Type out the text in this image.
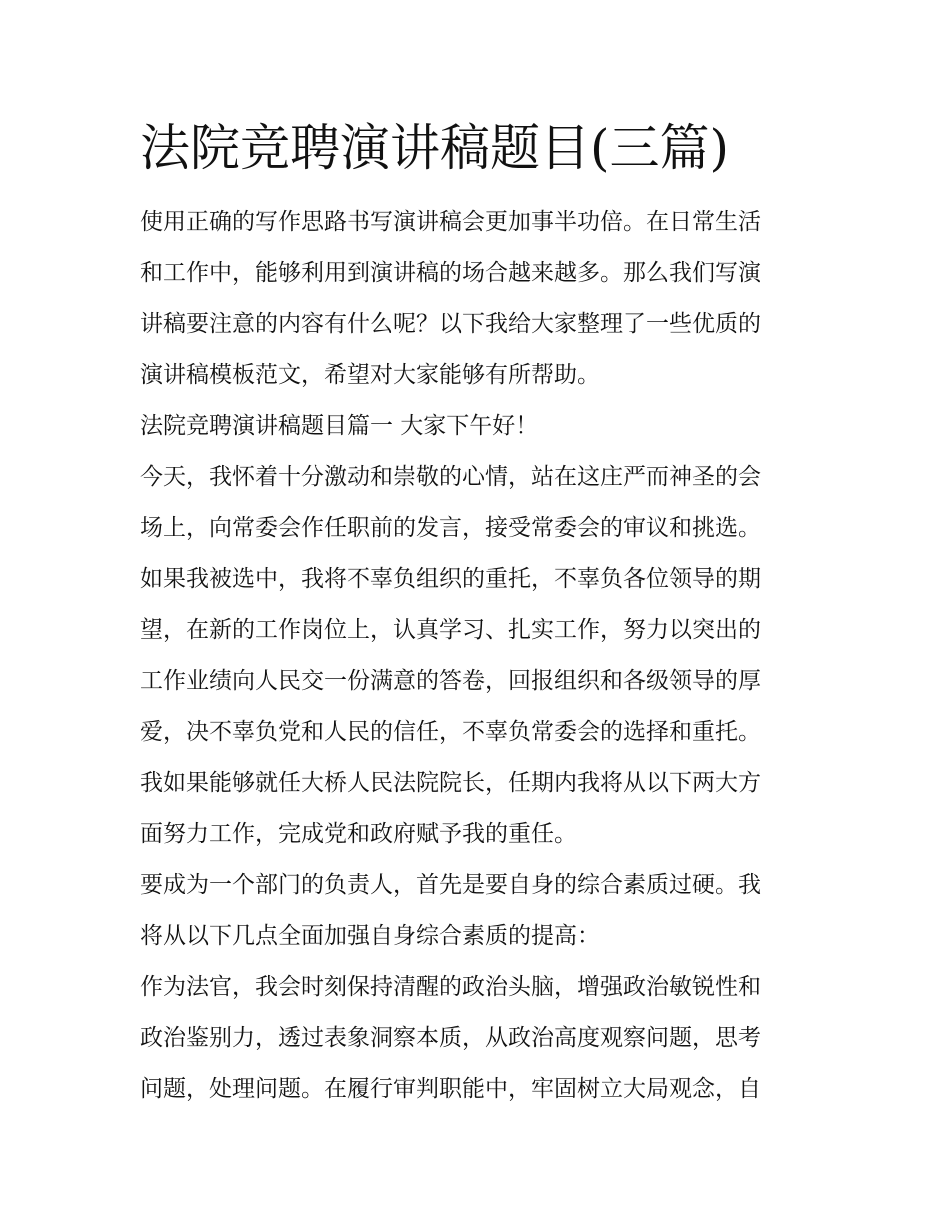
法院竞聘演讲稿题目(三篇)
使用正确的写作思路书写演讲稿会更加事半功倍。在日常生活
和工作中，能够利用到演讲稿的场合越来越多。那么我们写演
讲稿要注意的内容有什么呢？以下我给大家整理了一些优质的
演讲稿模板范文，希望对大家能够有所帮助。
法院竞聘演讲稿题目篇一 大家下午好！
今天，我怀着十分激动和崇敬的心情，站在这庄严而神圣的会
场上，向常委会作任职前的发言，接受常委会的审议和挑选。
如果我被选中，我将不辜负组织的重托，不辜负各位领导的期
望，在新的工作岗位上，认真学习、扎实工作，努力以突出的
工作业绩向人民交一份满意的答卷，回报组织和各级领导的厚
爱，决不辜负党和人民的信任，不辜负常委会的选择和重托。
我如果能够就任大桥人民法院院长，任期内我将从以下两大方
面努力工作，完成党和政府赋予我的重任。
要成为一个部门的负责人，首先是要自身的综合素质过硬。我
将从以下几点全面加强自身综合素质的提高：
作为法官，我会时刻保持清醒的政治头脑，增强政治敏锐性和
政治鉴别力，透过表象洞察本质，从政治高度观察问题，思考
问题，处理问题。在履行审判职能中，牢固树立大局观念，自
